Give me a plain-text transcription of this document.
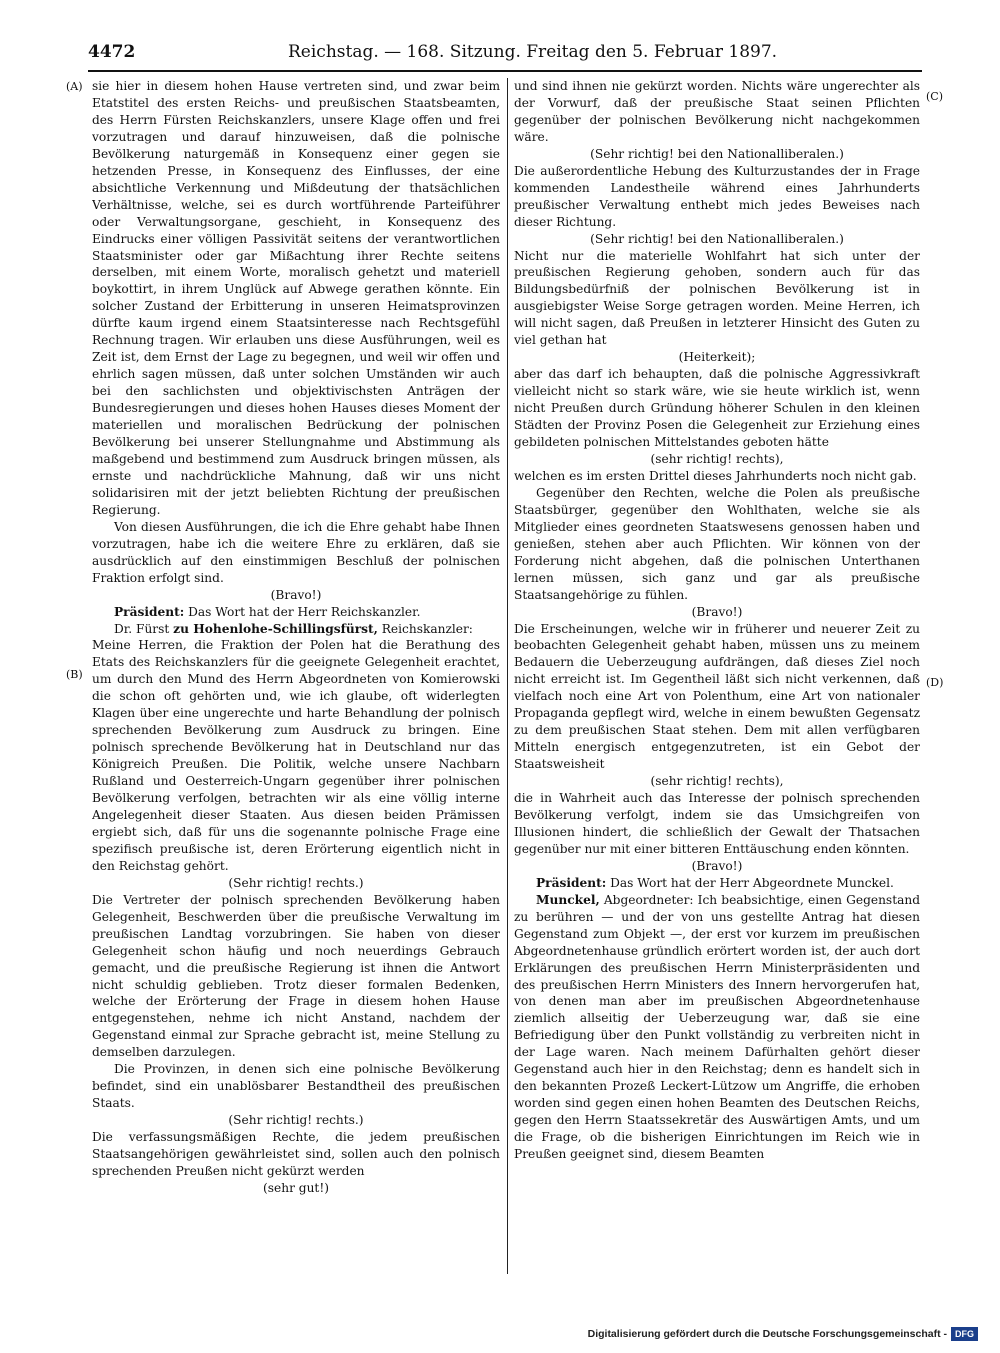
4472	Reichstag. — 168. Sitzung. Freitag den 5. Februar 1897.
(A)
(B)
(C)
(D)

sie hier in diesem hohen Hause vertreten sind, und zwar beim Etatstitel des ersten Reichs- und preußischen Staatsbeamten, des Herrn Fürsten Reichskanzlers, unsere Klage offen und frei vorzutragen und darauf hinzuweisen, daß die polnische Bevölkerung naturgemäß in Konsequenz einer gegen sie hetzenden Presse, in Konsequenz des Einflusses, der eine absichtliche Verkennung und Mißdeutung der thatsächlichen Verhältnisse, welche, sei es durch wortführende Parteiführer oder Verwaltungsorgane, geschieht, in Konsequenz des Eindrucks einer völligen Passivität seitens der verantwortlichen Staatsminister oder gar Mißachtung ihrer Rechte seitens derselben, mit einem Worte, moralisch gehetzt und materiell boykottirt, in ihrem Unglück auf Abwege gerathen könnte. Ein solcher Zustand der Erbitterung in unseren Heimatsprovinzen dürfte kaum irgend einem Staatsinteresse nach Rechtsgefühl Rechnung tragen. Wir erlauben uns diese Ausführungen, weil es Zeit ist, dem Ernst der Lage zu begegnen, und weil wir offen und ehrlich sagen müssen, daß unter solchen Umständen wir auch bei den sachlichsten und objektivischsten Anträgen der Bundesregierungen und dieses hohen Hauses dieses Moment der materiellen und moralischen Bedrückung der polnischen Bevölkerung bei unserer Stellungnahme und Abstimmung als maßgebend und bestimmend zum Ausdruck bringen müssen, als ernste und nachdrückliche Mahnung, daß wir uns nicht solidarisiren mit der jetzt beliebten Richtung der preußischen Regierung.

Von diesen Ausführungen, die ich die Ehre gehabt habe Ihnen vorzutragen, habe ich die weitere Ehre zu erklären, daß sie ausdrücklich auf den einstimmigen Beschluß der polnischen Fraktion erfolgt sind.

(Bravo!)

Präsident: Das Wort hat der Herr Reichskanzler.

Dr. Fürst zu Hohenlohe-Schillingsfürst, Reichskanzler:

Meine Herren, die Fraktion der Polen hat die Berathung des Etats des Reichskanzlers für die geeignete Gelegenheit erachtet, um durch den Mund des Herrn Abgeordneten von Komierowski die schon oft gehörten und, wie ich glaube, oft widerlegten Klagen über eine ungerechte und harte Behandlung der polnisch sprechenden Bevölkerung zum Ausdruck zu bringen. Eine polnisch sprechende Bevölkerung hat in Deutschland nur das Königreich Preußen. Die Politik, welche unsere Nachbarn Rußland und Oesterreich-Ungarn gegenüber ihrer polnischen Bevölkerung verfolgen, betrachten wir als eine völlig interne Angelegenheit dieser Staaten. Aus diesen beiden Prämissen ergiebt sich, daß für uns die sogenannte polnische Frage eine spezifisch preußische ist, deren Erörterung eigentlich nicht in den Reichstag gehört.

(Sehr richtig! rechts.)

Die Vertreter der polnisch sprechenden Bevölkerung haben Gelegenheit, Beschwerden über die preußische Verwaltung im preußischen Landtag vorzubringen. Sie haben von dieser Gelegenheit schon häufig und noch neuerdings Gebrauch gemacht, und die preußische Regierung ist ihnen die Antwort nicht schuldig geblieben. Trotz dieser formalen Bedenken, welche der Erörterung der Frage in diesem hohen Hause entgegenstehen, nehme ich nicht Anstand, nachdem der Gegenstand einmal zur Sprache gebracht ist, meine Stellung zu demselben darzulegen.

Die Provinzen, in denen sich eine polnische Bevölkerung befindet, sind ein unablösbarer Bestandtheil des preußischen Staats.

(Sehr richtig! rechts.)

Die verfassungsmäßigen Rechte, die jedem preußischen Staatsangehörigen gewährleistet sind, sollen auch den polnisch sprechenden Preußen nicht gekürzt werden

(sehr gut!)

und sind ihnen nie gekürzt worden. Nichts wäre ungerechter als der Vorwurf, daß der preußische Staat seinen Pflichten gegenüber der polnischen Bevölkerung nicht nachgekommen wäre.

(Sehr richtig! bei den Nationalliberalen.)

Die außerordentliche Hebung des Kulturzustandes der in Frage kommenden Landestheile während eines Jahrhunderts preußischer Verwaltung enthebt mich jedes Beweises nach dieser Richtung.

(Sehr richtig! bei den Nationalliberalen.)

Nicht nur die materielle Wohlfahrt hat sich unter der preußischen Regierung gehoben, sondern auch für das Bildungsbedürfniß der polnischen Bevölkerung ist in ausgiebigster Weise Sorge getragen worden. Meine Herren, ich will nicht sagen, daß Preußen in letzterer Hinsicht des Guten zu viel gethan hat

(Heiterkeit);

aber das darf ich behaupten, daß die polnische Aggressivkraft vielleicht nicht so stark wäre, wie sie heute wirklich ist, wenn nicht Preußen durch Gründung höherer Schulen in den kleinen Städten der Provinz Posen die Gelegenheit zur Erziehung eines gebildeten polnischen Mittelstandes geboten hätte

(sehr richtig! rechts),

welchen es im ersten Drittel dieses Jahrhunderts noch nicht gab.

Gegenüber den Rechten, welche die Polen als preußische Staatsbürger, gegenüber den Wohlthaten, welche sie als Mitglieder eines geordneten Staatswesens genossen haben und genießen, stehen aber auch Pflichten. Wir können von der Forderung nicht abgehen, daß die polnischen Unterthanen lernen müssen, sich ganz und gar als preußische Staatsangehörige zu fühlen.

(Bravo!)

Die Erscheinungen, welche wir in früherer und neuerer Zeit zu beobachten Gelegenheit gehabt haben, müssen uns zu meinem Bedauern die Ueberzeugung aufdrängen, daß dieses Ziel noch nicht erreicht ist. Im Gegentheil läßt sich nicht verkennen, daß vielfach noch eine Art von Polenthum, eine Art von nationaler Propaganda gepflegt wird, welche in einem bewußten Gegensatz zu dem preußischen Staat stehen. Dem mit allen verfügbaren Mitteln energisch entgegenzutreten, ist ein Gebot der Staatsweisheit

(sehr richtig! rechts),

die in Wahrheit auch das Interesse der polnisch sprechenden Bevölkerung verfolgt, indem sie das Umsichgreifen von Illusionen hindert, die schließlich der Gewalt der Thatsachen gegenüber nur mit einer bitteren Enttäuschung enden könnten.

(Bravo!)

Präsident: Das Wort hat der Herr Abgeordnete Munckel.

Munckel, Abgeordneter: Ich beabsichtige, einen Gegenstand zu berühren — und der von uns gestellte Antrag hat diesen Gegenstand zum Objekt —, der erst vor kurzem im preußischen Abgeordnetenhause gründlich erörtert worden ist, der auch dort Erklärungen des preußischen Herrn Ministerpräsidenten und des preußischen Herrn Ministers des Innern hervorgerufen hat, von denen man aber im preußischen Abgeordnetenhause ziemlich allseitig der Ueberzeugung war, daß sie eine Befriedigung über den Punkt vollständig zu verbreiten nicht in der Lage waren. Nach meinem Dafürhalten gehört dieser Gegenstand auch hier in den Reichstag; denn es handelt sich in den bekannten Prozeß Leckert-Lützow um Angriffe, die erhoben worden sind gegen einen hohen Beamten des Deutschen Reichs, gegen den Herrn Staatssekretär des Auswärtigen Amts, und um die Frage, ob die bisherigen Einrichtungen im Reich wie in Preußen geeignet sind, diesem Beamten

Digitalisierung gefördert durch die Deutsche Forschungsgemeinschaft - DFG
